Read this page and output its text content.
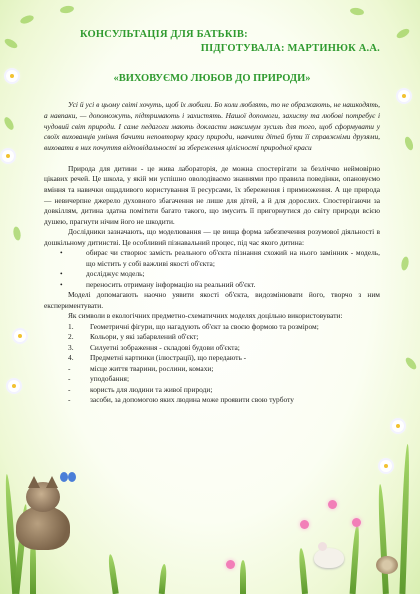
КОНСУЛЬТАЦІЯ ДЛЯ БАТЬКІВ:

ПІДГОТУВАЛА: МАРТИНЮК А.А.

«ВИХОВУЄМО ЛЮБОВ ДО ПРИРОДИ»

Усі й усі в цьому світі хочуть, щоб їх любили. Бо коли люблять, то не ображають, не нашкодять, а навпаки, — допоможуть, підтримають і захистять. Нашої допомоги, захисту та любові потребує і чудовий світ природи. І саме педагоги мають докласти максимум зусиль для того, щоб сформувати у своїх вихованців уміння бачити неповторну красу природи, навчити дітей бути її справжніми друзями, виховати в них почуття відповідальності за збереження цілісності природної краси

Природа для дитини - це жива лабораторія, де можна спостерігати за безліччю неймовірно цікавих речей. Це школа, у якій ми успішно оволодіваємо знаннями про правила поведінки, опановуємо вміння та навички ощадливого користування її ресурсами, їх збереження і примноження. А ще природа — невичерпне джерело духовного збагачення не лише для дітей, а й для дорослих. Спостерігаючи за довкіллям, дитина здатна помітити багато такого, що змусить її пригорнутися до світу природи всією душею, прагнути нічим його не шкодити.

Дослідники зазначають, що моделювання — це вища форма забезпечення розумової діяльності в дошкільному дитинстві. Це особливий пізнавальний процес, під час якого дитина:

• обирає чи створює замість реального об'єкта пізнання схожий на нього замінник - модель, що містить у собі важливі якості об'єкта;
• досліджує модель;
• переносить отриману інформацію на реальний об'єкт.

Моделі допомагають наочно уявити якості об'єкта, видозмінювати його, творчо з ним експериментувати.

Як символи в екологічних предметно-схематичних моделях доцільно використовувати:

1.	Геометричні фігури, що нагадують об'єкт за своєю формою та розміром;
2.	Кольори, у які забарвлений об'єкт;
3.	Силуетні зображення - складові будови об'єкта;
4.	Предметні картинки (ілюстрації), що передають -
-	місце життя тварини, рослини, комахи;
-	уподобання;
-	користь для людини та живої природи;
-	засоби, за допомогою яких людина може проявити свою турботу
